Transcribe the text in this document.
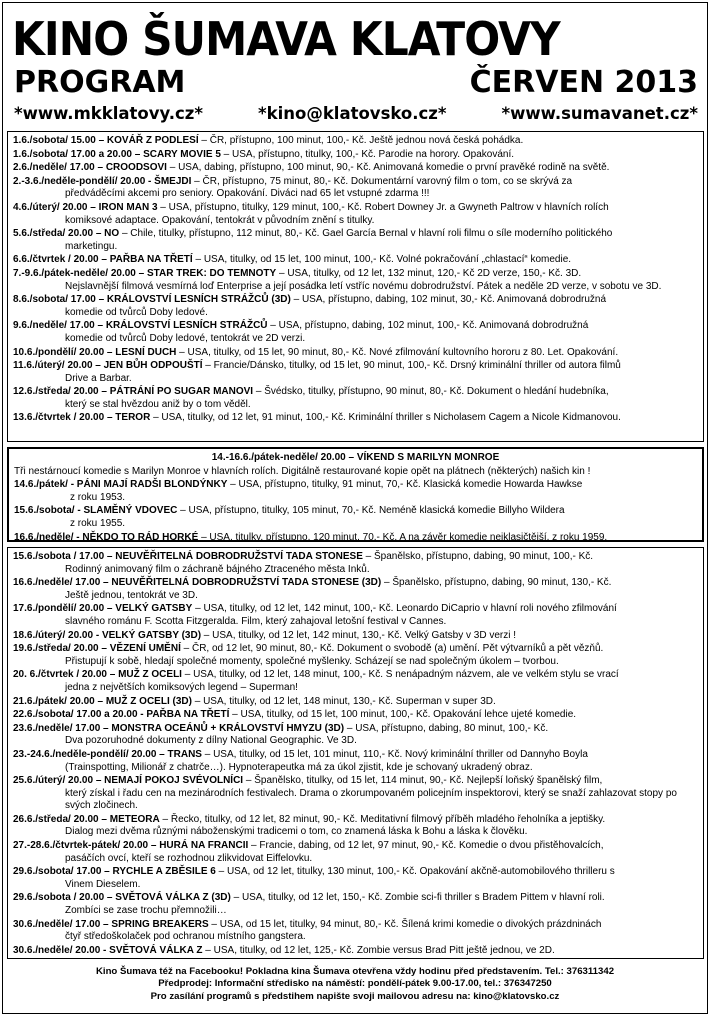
KINO ŠUMAVA KLATOVY
PROGRAM	ČERVEN 2013
*www.mkklatovy.cz*	*kino@klatovsko.cz*	*www.sumavanet.cz*
1.6./sobota/ 15.00 – KOVÁŘ Z PODLESÍ – ČR, přístupno, 100 minut, 100,- Kč. Ještě jednou nová česká pohádka.
1.6./sobota/ 17.00 a 20.00 – SCARY MOVIE 5 – USA, přístupno, titulky, 100,- Kč. Parodie na horory. Opakování.
2.6./neděle/ 17.00 – CROODSOVI – USA, dabing, přístupno, 100 minut, 90,- Kč. Animovaná komedie o první pravěké rodině na světě.
2.-3.6./neděle-pondělí/ 20.00 - ŠMEJDI – ČR, přístupno, 75 minut, 80,- Kč. Dokumentární varovný film o tom, co se skrývá za
předváděcími akcemi pro seniory. Opakování. Diváci nad 65 let vstupné zdarma !!!
4.6./úterý/ 20.00 – IRON MAN 3 – USA, přístupno, titulky, 129 minut, 100,- Kč. Robert Downey Jr. a Gwyneth Paltrow v hlavních rolích
komiksové adaptace. Opakování, tentokrát v původním znění s titulky.
5.6./středa/ 20.00 – NO – Chile, titulky, přístupno, 112 minut, 80,- Kč. Gael García Bernal v hlavní roli filmu o síle moderního politického
marketingu.
6.6./čtvrtek / 20.00 – PAŘBA NA TŘETÍ – USA, titulky, od 15 let, 100 minut, 100,- Kč. Volné pokračování „chlastací“ komedie.
7.-9.6./pátek-neděle/ 20.00 – STAR TREK: DO TEMNOTY – USA, titulky, od 12 let, 132 minut, 120,- Kč 2D verze, 150,- Kč. 3D.
Nejslavnější filmová vesmírná loď Enterprise a její posádka letí vstříc novému dobrodružství. Pátek a neděle 2D verze, v sobotu ve 3D.
8.6./sobota/ 17.00 – KRÁLOVSTVÍ LESNÍCH STRÁŽCŮ (3D) – USA, přístupno, dabing, 102 minut, 30,- Kč. Animovaná dobrodružná
komedie od tvůrců Doby ledové.
9.6./neděle/ 17.00 – KRÁLOVSTVÍ LESNÍCH STRÁŽCŮ – USA, přístupno, dabing, 102 minut, 100,- Kč. Animovaná dobrodružná
komedie od tvůrců Doby ledové, tentokrát ve 2D verzi.
10.6./pondělí/ 20.00 – LESNÍ DUCH – USA, titulky, od 15 let, 90 minut, 80,- Kč. Nové zfilmování kultovního hororu z 80. Let. Opakování.
11.6./úterý/ 20.00 – JEN BŮH ODPOUŠTÍ – Francie/Dánsko, titulky, od 15 let, 90 minut, 100,- Kč. Drsný kriminální thriller od autora filmů
Drive a Barbar.
12.6./středa/ 20.00 – PÁTRÁNÍ PO SUGAR MANOVI – Švédsko, titulky, přístupno, 90 minut, 80,- Kč. Dokument o hledání hudebníka,
který se stal hvězdou aniž by o tom věděl.
13.6./čtvrtek / 20.00 – TEROR – USA, titulky, od 12 let, 91 minut, 100,- Kč. Kriminální thriller s Nicholasem Cagem a Nicole Kidmanovou.
14.-16.6./pátek-neděle/ 20.00 – VÍKEND S MARILYN MONROE
Tři nestárnoucí komedie s Marilyn Monroe v hlavních rolích. Digitálně restaurované kopie opět na plátnech (některých) našich kin !
14.6./pátek/ - PÁNI MAJÍ RADŠI BLONDÝNKY – USA, přístupno, titulky, 91 minut, 70,- Kč. Klasická komedie Howarda Hawkse
z roku 1953.
15.6./sobota/ - SLAMĚNÝ VDOVEC – USA, přístupno, titulky, 105 minut, 70,- Kč. Neméně klasická komedie Billyho Wildera
z roku 1955.
16.6./neděle/ - NĚKDO TO RÁD HORKÉ – USA, titulky, přístupno, 120 minut, 70,- Kč. A na závěr komedie nejklasičtější, z roku 1959.
15.6./sobota / 17.00 – NEUVĚŘITELNÁ DOBRODRUŽSTVÍ TADA STONESE – Španělsko, přístupno, dabing, 90 minut, 100,- Kč.
Rodinný animovaný film o záchraně bájného Ztraceného města Inků.
16.6./neděle/ 17.00 – NEUVĚŘITELNÁ DOBRODRUŽSTVÍ TADA STONESE (3D) – Španělsko, přístupno, dabing, 90 minut, 130,- Kč.
Ještě jednou, tentokrát ve 3D.
17.6./pondělí/ 20.00 – VELKÝ GATSBY – USA, titulky, od 12 let, 142 minut, 100,- Kč. Leonardo DiCaprio v hlavní roli nového zfilmování
slavného románu F. Scotta Fitzgeralda. Film, který zahajoval letošní festival v Cannes.
18.6./úterý/ 20.00 - VELKÝ GATSBY (3D) – USA, titulky, od 12 let, 142 minut, 130,- Kč. Velký Gatsby v 3D verzi !
19.6./středa/ 20.00 – VĚZENÍ UMĚNÍ – ČR, od 12 let, 90 minut, 80,- Kč. Dokument o svobodě (a) umění. Pět výtvarníků a pět vězňů.
Přistupují k sobě, hledají společné momenty, společné myšlenky. Scházejí se nad společným úkolem – tvorbou.
20. 6./čtvrtek / 20.00 – MUŽ Z OCELI – USA, titulky, od 12 let, 148 minut, 100,- Kč. S nenápadným názvem, ale ve velkém stylu se vrací
jedna z největších komiksových legend – Superman!
21.6./pátek/ 20.00 – MUŽ Z OCELI (3D) – USA, titulky, od 12 let, 148 minut, 130,- Kč. Superman v super 3D.
22.6./sobota/ 17.00 a 20.00 - PAŘBA NA TŘETÍ – USA, titulky, od 15 let, 100 minut, 100,- Kč. Opakování lehce ujeté komedie.
23.6./neděle/ 17.00 – MONSTRA OCEÁNŮ + KRÁLOVSTVÍ HMYZU (3D) – USA, přístupno, dabing, 80 minut, 100,- Kč.
Dva pozoruhodné dokumenty z dílny National Geographic. Ve 3D.
23.-24.6./neděle-pondělí/ 20.00 – TRANS – USA, titulky, od 15 let, 101 minut, 110,- Kč. Nový kriminální thriller od Dannyho Boyla
(Trainspotting, Milionář z chatrče…). Hypnoterapeutka má za úkol zjistit, kde je schovaný ukradený obraz.
25.6./úterý/ 20.00 – NEMAJÍ POKOJ SVÉVOLNÍCI – Španělsko, titulky, od 15 let, 114 minut, 90,- Kč. Nejlepší loňský španělský film,
který získal i řadu cen na mezinárodních festivalech. Drama o zkorumpovaném policejním inspektorovi, který se snaží zahlazovat stopy po svých zločinech.
26.6./středa/ 20.00 – METEORA – Řecko, titulky, od 12 let, 82 minut, 90,- Kč. Meditativní filmový příběh mladého řeholníka a jeptišky.
Dialog mezi dvěma různými náboženskými tradicemi o tom, co znamená láska k Bohu a láska k člověku.
27.-28.6./čtvrtek-pátek/ 20.00 – HURÁ NA FRANCII – Francie, dabing, od 12 let, 97 minut, 90,- Kč. Komedie o dvou přistěhovalcích,
pasáčích ovcí, kteří se rozhodnou zlikvidovat Eiffelovku.
29.6./sobota/ 17.00 – RYCHLE A ZBĚSILE 6 – USA, od 12 let, titulky, 130 minut, 100,- Kč. Opakování akčně-automobilového thrilleru s
Vinem Dieselem.
29.6./sobota / 20.00 – SVĚTOVÁ VÁLKA Z (3D) – USA, titulky, od 12 let, 150,- Kč. Zombie sci-fi thriller s Bradem Pittem v hlavní roli.
Zombíci se zase trochu přemnožili…
30.6./neděle/ 17.00 – SPRING BREAKERS – USA, od 15 let, titulky, 94 minut, 80,- Kč. Šílená krimi komedie o divokých prázdninách
čtyř středoškolaček pod ochranou místního gangstera.
30.6./neděle/ 20.00 - SVĚTOVÁ VÁLKA Z – USA, titulky, od 12 let, 125,- Kč. Zombie versus Brad Pitt ještě jednou, ve 2D.
Kino Šumava též na Facebooku! Pokladna kina Šumava otevřena vždy hodinu před představením. Tel.: 376311342
Předprodej: Informační středisko na náměstí: pondělí-pátek 9.00-17.00, tel.: 376347250
Pro zasílání programů s předstihem napište svoji mailovou adresu na: kino@klatovsko.cz
